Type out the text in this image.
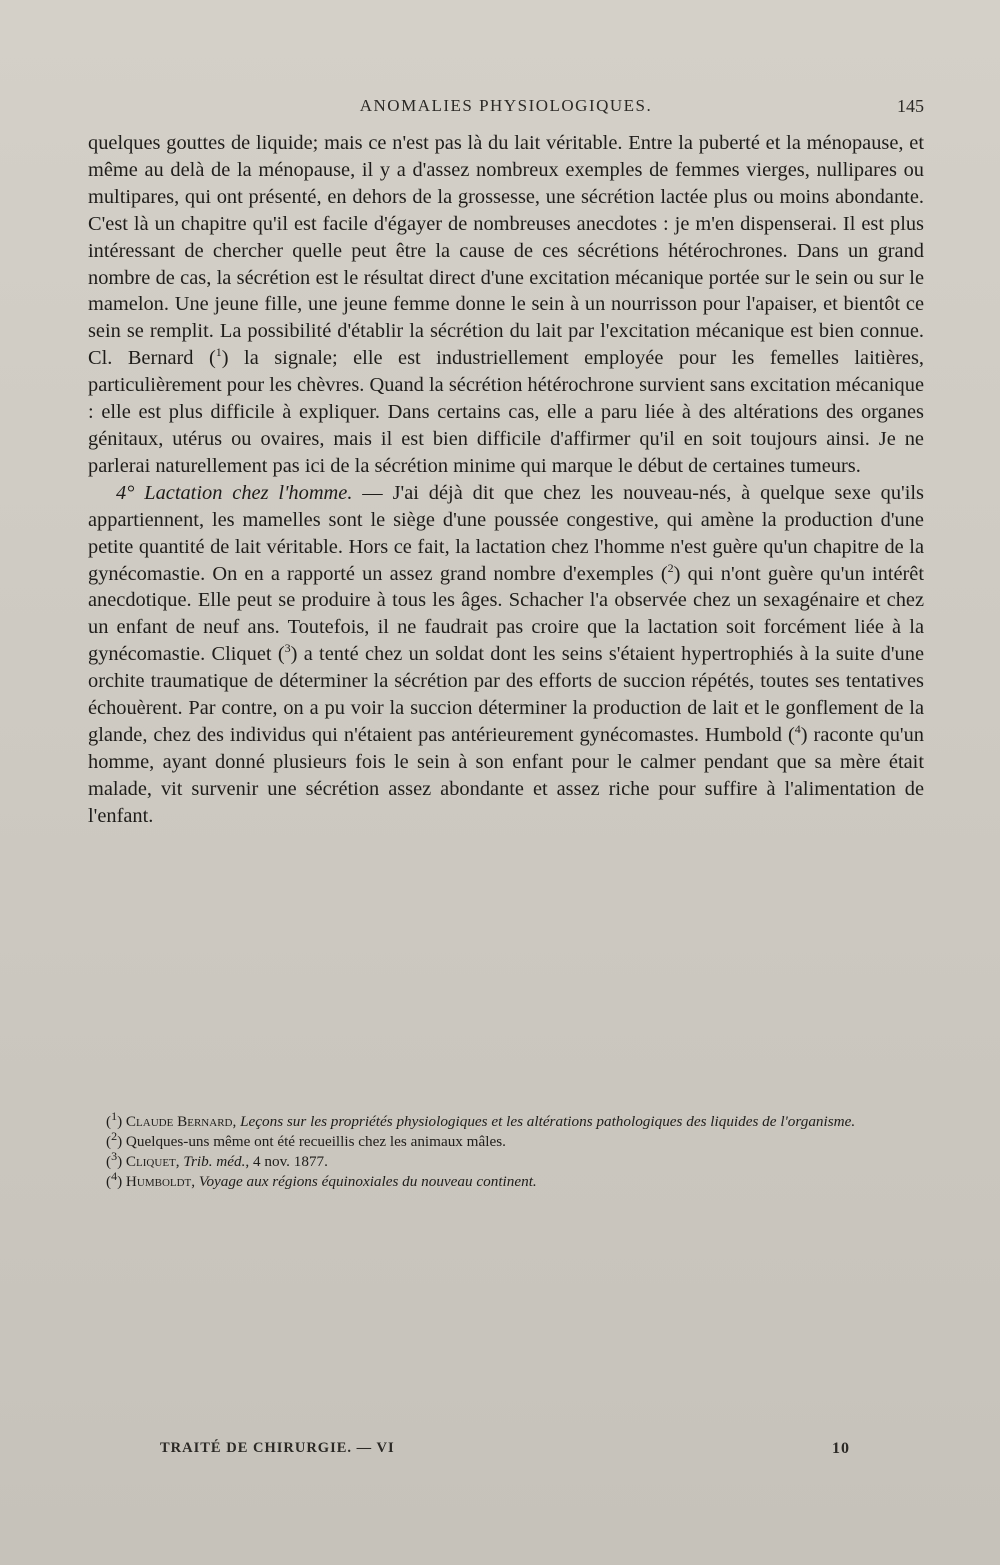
ANOMALIES PHYSIOLOGIQUES.	145

quelques gouttes de liquide; mais ce n'est pas là du lait véritable. Entre la puberté et la ménopause, et même au delà de la ménopause, il y a d'assez nombreux exemples de femmes vierges, nullipares ou multipares, qui ont présenté, en dehors de la grossesse, une sécrétion lactée plus ou moins abondante. C'est là un chapitre qu'il est facile d'égayer de nombreuses anecdotes : je m'en dispenserai. Il est plus intéressant de chercher quelle peut être la cause de ces sécrétions hétérochrones. Dans un grand nombre de cas, la sécrétion est le résultat direct d'une excitation mécanique portée sur le sein ou sur le mamelon. Une jeune fille, une jeune femme donne le sein à un nourrisson pour l'apaiser, et bientôt ce sein se remplit. La possibilité d'établir la sécrétion du lait par l'excitation mécanique est bien connue. Cl. Bernard ($^1$) la signale; elle est industriellement employée pour les femelles laitières, particulièrement pour les chèvres. Quand la sécrétion hétérochrone survient sans excitation mécanique : elle est plus difficile à expliquer. Dans certains cas, elle a paru liée à des altérations des organes génitaux, utérus ou ovaires, mais il est bien difficile d'affirmer qu'il en soit toujours ainsi. Je ne parlerai naturellement pas ici de la sécrétion minime qui marque le début de certaines tumeurs.

4° Lactation chez l'homme. — J'ai déjà dit que chez les nouveau-nés, à quelque sexe qu'ils appartiennent, les mamelles sont le siège d'une poussée congestive, qui amène la production d'une petite quantité de lait véritable. Hors ce fait, la lactation chez l'homme n'est guère qu'un chapitre de la gynécomastie. On en a rapporté un assez grand nombre d'exemples ($^2$) qui n'ont guère qu'un intérêt anecdotique. Elle peut se produire à tous les âges. Schacher l'a observée chez un sexagénaire et chez un enfant de neuf ans. Toutefois, il ne faudrait pas croire que la lactation soit forcément liée à la gynécomastie. Cliquet ($^3$) a tenté chez un soldat dont les seins s'étaient hypertrophiés à la suite d'une orchite traumatique de déterminer la sécrétion par des efforts de succion répétés, toutes ses tentatives échouèrent. Par contre, on a pu voir la succion déterminer la production de lait et le gonflement de la glande, chez des individus qui n'étaient pas antérieurement gynécomastes. Humbold ($^4$) raconte qu'un homme, ayant donné plusieurs fois le sein à son enfant pour le calmer pendant que sa mère était malade, vit survenir une sécrétion assez abondante et assez riche pour suffire à l'alimentation de l'enfant.

($^1$) Claude Bernard, Leçons sur les propriétés physiologiques et les altérations pathologiques des liquides de l'organisme.

($^2$) Quelques-uns même ont été recueillis chez les animaux mâles.

($^3$) Cliquet, Trib. méd., 4 nov. 1877.

($^4$) Humboldt, Voyage aux régions équinoxiales du nouveau continent.

TRAITÉ DE CHIRURGIE. — VI	10
